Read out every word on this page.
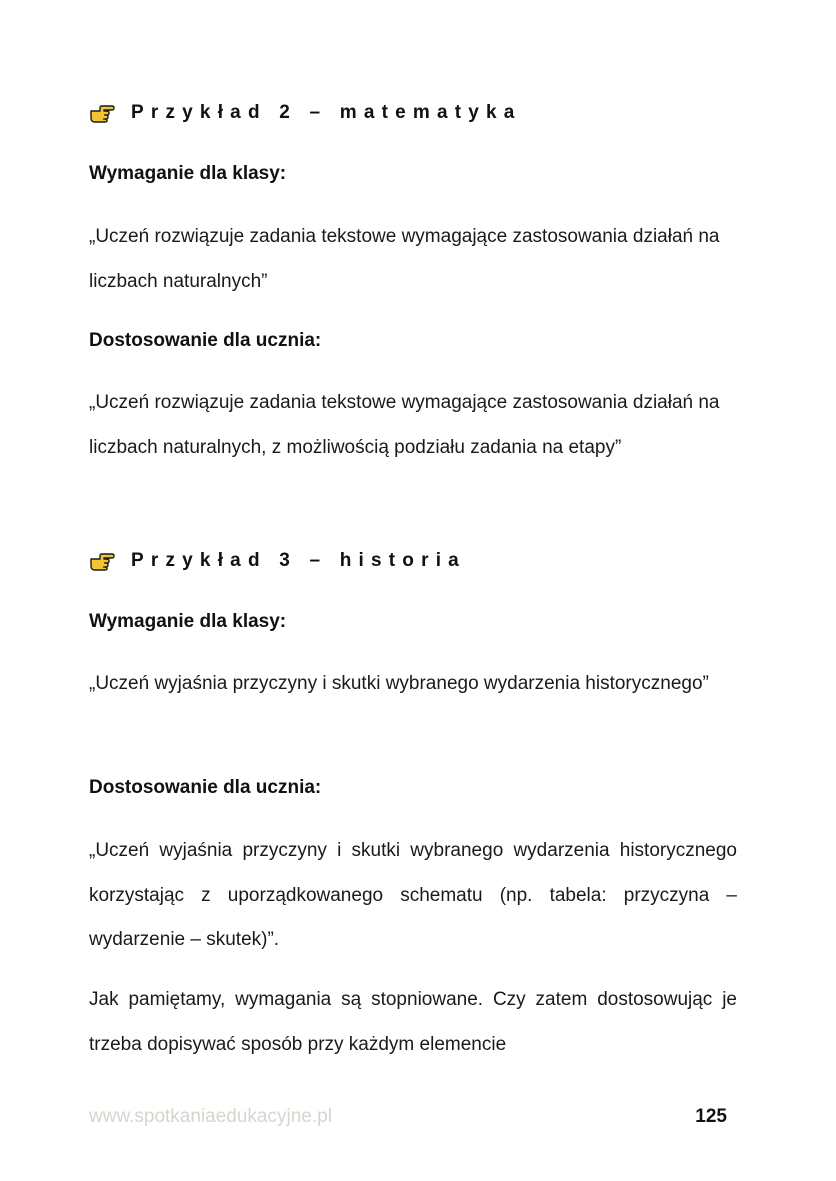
Przykład 2 – matematyka
Wymaganie dla klasy:
„Uczeń rozwiązuje zadania tekstowe wymagające zastosowania działań na liczbach naturalnych”
Dostosowanie dla ucznia:
„Uczeń rozwiązuje zadania tekstowe wymagające zastosowania działań na liczbach naturalnych, z możliwością podziału zadania na etapy”
Przykład 3 – historia
Wymaganie dla klasy:
„Uczeń wyjaśnia przyczyny i skutki wybranego wydarzenia historycznego”
Dostosowanie dla ucznia:
„Uczeń wyjaśnia przyczyny i skutki wybranego wydarzenia historycznego korzystając z uporządkowanego schematu (np. tabela: przyczyna – wydarzenie – skutek)”.
Jak pamiętamy, wymagania są stopniowane. Czy zatem dostosowując je trzeba dopisywać sposób przy każdym elemencie
www.spotkaniaedukacyjne.pl	125
